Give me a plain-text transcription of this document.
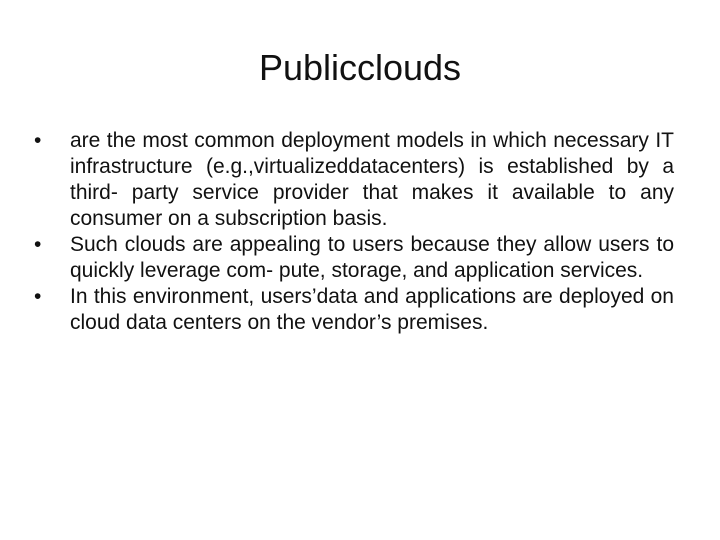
Publicclouds
•	are the most common deployment models in which necessary IT infrastructure (e.g.,virtualizeddatacenters) is established by a third- party service provider that makes it available to any consumer on a subscription basis.
•	Such clouds are appealing to users because they allow users to quickly leverage com- pute, storage, and application services.
•	In this environment, users’data and applications are deployed on cloud data centers on the vendor’s premises.
